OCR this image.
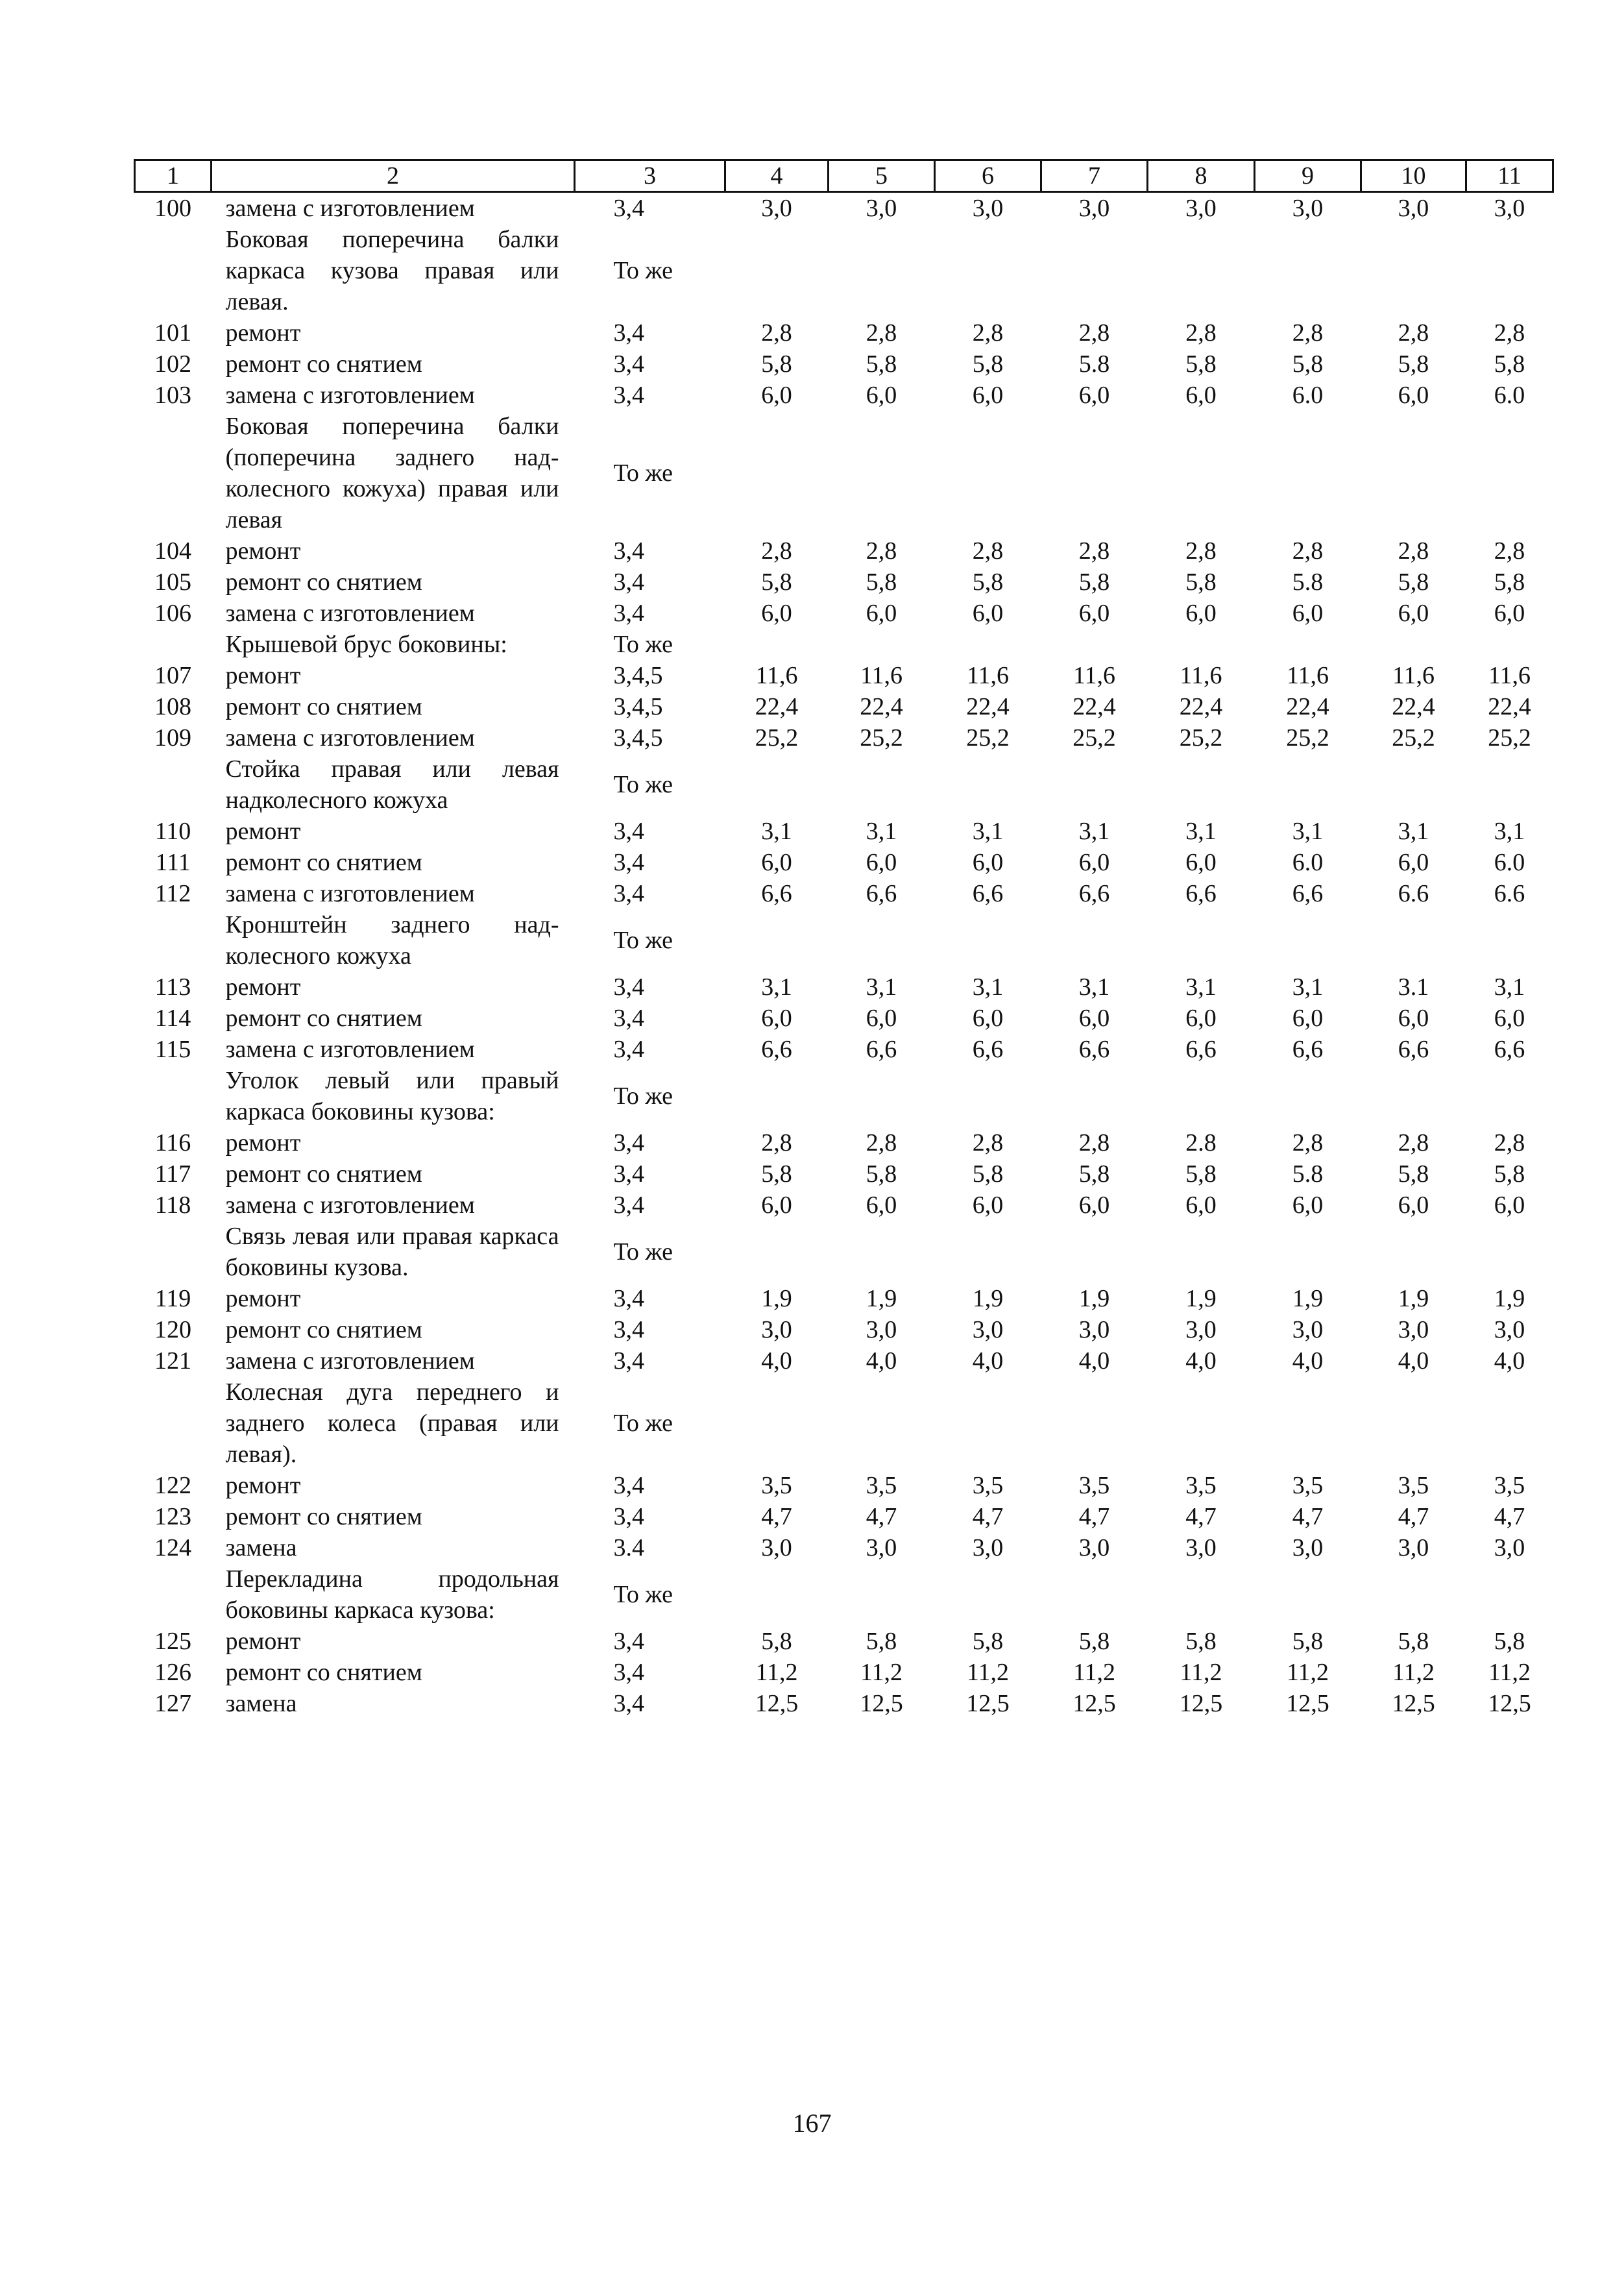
1	2	3	4	5	6	7	8	9	10	11
100	замена с изготовлением	3,4	3,0	3,0	3,0	3,0	3,0	3,0	3,0	3,0
	Боковая поперечина балки каркаса кузова правая или левая.	То же								
101	ремонт	3,4	2,8	2,8	2,8	2,8	2,8	2,8	2,8	2,8
102	ремонт со снятием	3,4	5,8	5,8	5,8	5.8	5,8	5,8	5,8	5,8
103	замена с изготовлением	3,4	6,0	6,0	6,0	6,0	6,0	6.0	6,0	6.0
	Боковая поперечина балки (поперечина заднего над-колесного кожуха) правая или левая	То же								
104	ремонт	3,4	2,8	2,8	2,8	2,8	2,8	2,8	2,8	2,8
105	ремонт со снятием	3,4	5,8	5,8	5,8	5,8	5,8	5.8	5,8	5,8
106	замена с изготовлением	3,4	6,0	6,0	6,0	6,0	6,0	6,0	6,0	6,0
	Крышевой брус боковины:	То же								
107	ремонт	3,4,5	11,6	11,6	11,6	11,6	11,6	11,6	11,6	11,6
108	ремонт со снятием	3,4,5	22,4	22,4	22,4	22,4	22,4	22,4	22,4	22,4
109	замена с изготовлением	3,4,5	25,2	25,2	25,2	25,2	25,2	25,2	25,2	25,2
	Стойка правая или левая надколесного кожуха	То же								
110	ремонт	3,4	3,1	3,1	3,1	3,1	3,1	3,1	3,1	3,1
111	ремонт со снятием	3,4	6,0	6,0	6,0	6,0	6,0	6.0	6,0	6.0
112	замена с изготовлением	3,4	6,6	6,6	6,6	6,6	6,6	6,6	6.6	6.6
	Кронштейн заднего над-колесного кожуха	То же								
113	ремонт	3,4	3,1	3,1	3,1	3,1	3,1	3,1	3.1	3,1
114	ремонт со снятием	3,4	6,0	6,0	6,0	6,0	6,0	6,0	6,0	6,0
115	замена с изготовлением	3,4	6,6	6,6	6,6	6,6	6,6	6,6	6,6	6,6
	Уголок левый или правый каркаса боковины кузова:	То же								
116	ремонт	3,4	2,8	2,8	2,8	2,8	2.8	2,8	2,8	2,8
117	ремонт со снятием	3,4	5,8	5,8	5,8	5,8	5,8	5.8	5,8	5,8
118	замена с изготовлением	3,4	6,0	6,0	6,0	6,0	6,0	6,0	6,0	6,0
	Связь левая или правая каркаса боковины кузова.	То же								
119	ремонт	3,4	1,9	1,9	1,9	1,9	1,9	1,9	1,9	1,9
120	ремонт со снятием	3,4	3,0	3,0	3,0	3,0	3,0	3,0	3,0	3,0
121	замена с изготовлением	3,4	4,0	4,0	4,0	4,0	4,0	4,0	4,0	4,0
	Колесная дуга переднего и заднего колеса (правая или левая).	То же								
122	ремонт	3,4	3,5	3,5	3,5	3,5	3,5	3,5	3,5	3,5
123	ремонт со снятием	3,4	4,7	4,7	4,7	4,7	4,7	4,7	4,7	4,7
124	замена	3.4	3,0	3,0	3,0	3,0	3,0	3,0	3,0	3,0
	Перекладина продольная боковины каркаса кузова:	То же								
125	ремонт	3,4	5,8	5,8	5,8	5,8	5,8	5,8	5,8	5,8
126	ремонт со снятием	3,4	11,2	11,2	11,2	11,2	11,2	11,2	11,2	11,2
127	замена	3,4	12,5	12,5	12,5	12,5	12,5	12,5	12,5	12,5
167
